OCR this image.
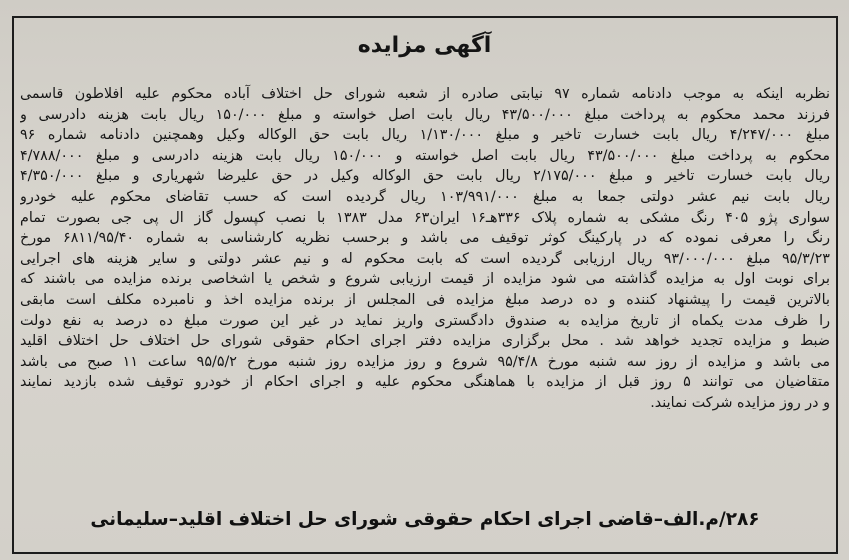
آگهی مزایده
نظربه اینکه به موجب دادنامه شماره ۹۷ نیابتی صادره از شعبه شورای حل اختلاف آباده محکوم علیه افلاطون قاسمی
فرزند محمد محکوم به پرداخت مبلغ ۴۳/۵۰۰/۰۰۰ ریال بابت اصل خواسته و مبلغ ۱۵۰/۰۰۰ ریال بابت هزینه دادرسی و
مبلغ ۴/۲۴۷/۰۰۰ ریال بابت خسارت تاخیر و مبلغ ۱/۱۳۰/۰۰۰ ریال بابت حق الوکاله وکیل وهمچنین دادنامه شماره ۹۶
محکوم به پرداخت مبلغ ۴۳/۵۰۰/۰۰۰ ریال بابت اصل خواسته و ۱۵۰/۰۰۰ ریال بابت هزینه دادرسی و مبلغ ۴/۷۸۸/۰۰۰
ریال بابت خسارت تاخیر و مبلغ ۲/۱۷۵/۰۰۰ ریال بابت حق الوکاله وکیل در حق علیرضا شهریاری و مبلغ ۴/۳۵۰/۰۰۰
ریال بابت نیم عشر دولتی جمعا به مبلغ ۱۰۳/۹۹۱/۰۰۰ ریال گردیده است که حسب تقاضای محکوم علیه خودرو
سواری پژو ۴۰۵ رنگ مشکی به شماره پلاک ۳۳۶هـ۱۶ ایران۶۳ مدل ۱۳۸۳ با نصب کپسول گاز ال پی جی بصورت تمام
رنگ را معرفی نموده که در پارکینگ کوثر توقیف می باشد و برحسب نظریه کارشناسی به شماره ۶۸۱۱/۹۵/۴۰ مورخ
۹۵/۳/۲۳ مبلغ ۹۳/۰۰۰/۰۰۰ ریال ارزیابی گردیده است که بابت محکوم له و نیم عشر دولتی و سایر هزینه های اجرایی
برای نوبت اول به مزایده گذاشته می شود مزایده از قیمت ارزیابی شروع و شخص یا اشخاصی برنده مزایده می باشند که
بالاترین قیمت را پیشنهاد کننده و ده درصد مبلغ مزایده فی المجلس از برنده مزایده اخذ و نامبرده مکلف است مابقی
را ظرف مدت یکماه از تاریخ مزایده به صندوق دادگستری واریز نماید در غیر این صورت مبلغ ده درصد به نفع دولت
ضبط و مزایده تجدید خواهد شد . محل برگزاری مزایده دفتر اجرای احکام حقوقی شورای حل اختلاف حل اختلاف اقلید
می باشد و مزایده از روز سه شنبه مورخ ۹۵/۴/۸ شروع و روز مزایده روز شنبه مورخ ۹۵/۵/۲ ساعت ۱۱ صبح می باشد
متقاضیان می توانند ۵ روز قبل از مزایده با هماهنگی محکوم علیه و اجرای احکام از خودرو توقیف شده بازدید نمایند
و در روز مزایده شرکت نمایند.
۲۸۶/م.الف–قاضی اجرای احکام حقوقی شورای حل اختلاف اقلید–سلیمانی
